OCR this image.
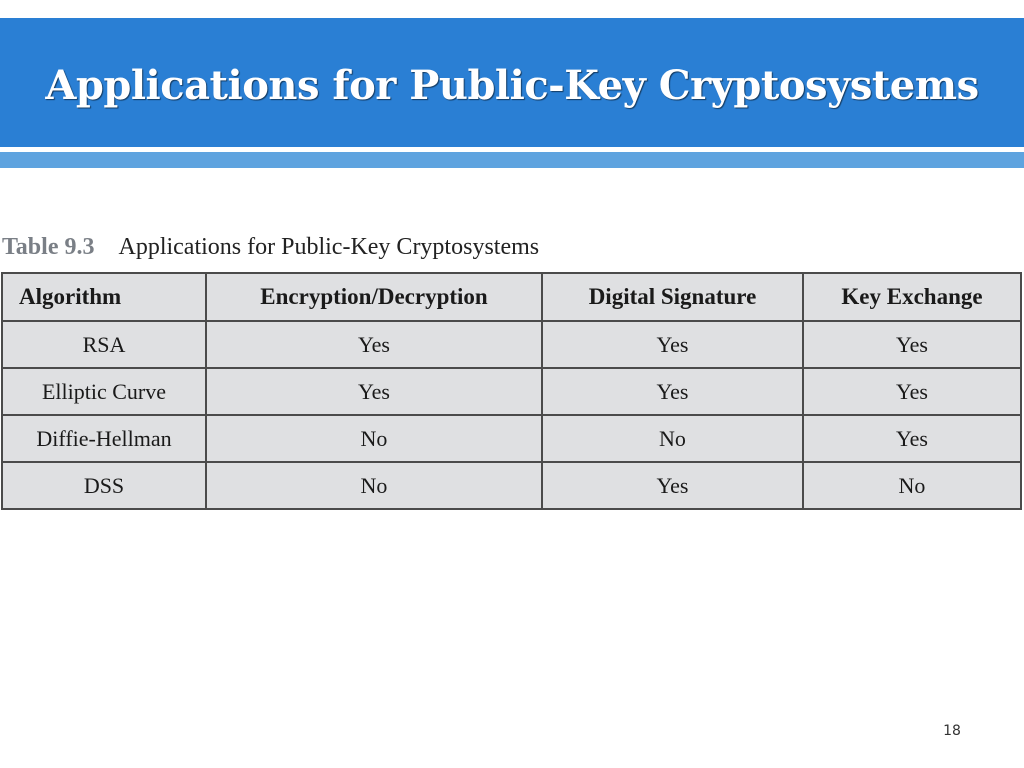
Applications for Public-Key Cryptosystems
Table 9.3 Applications for Public-Key Cryptosystems
Algorithm	Encryption/Decryption	Digital Signature	Key Exchange
RSA	Yes	Yes	Yes
Elliptic Curve	Yes	Yes	Yes
Diffie-Hellman	No	No	Yes
DSS	No	Yes	No
18
